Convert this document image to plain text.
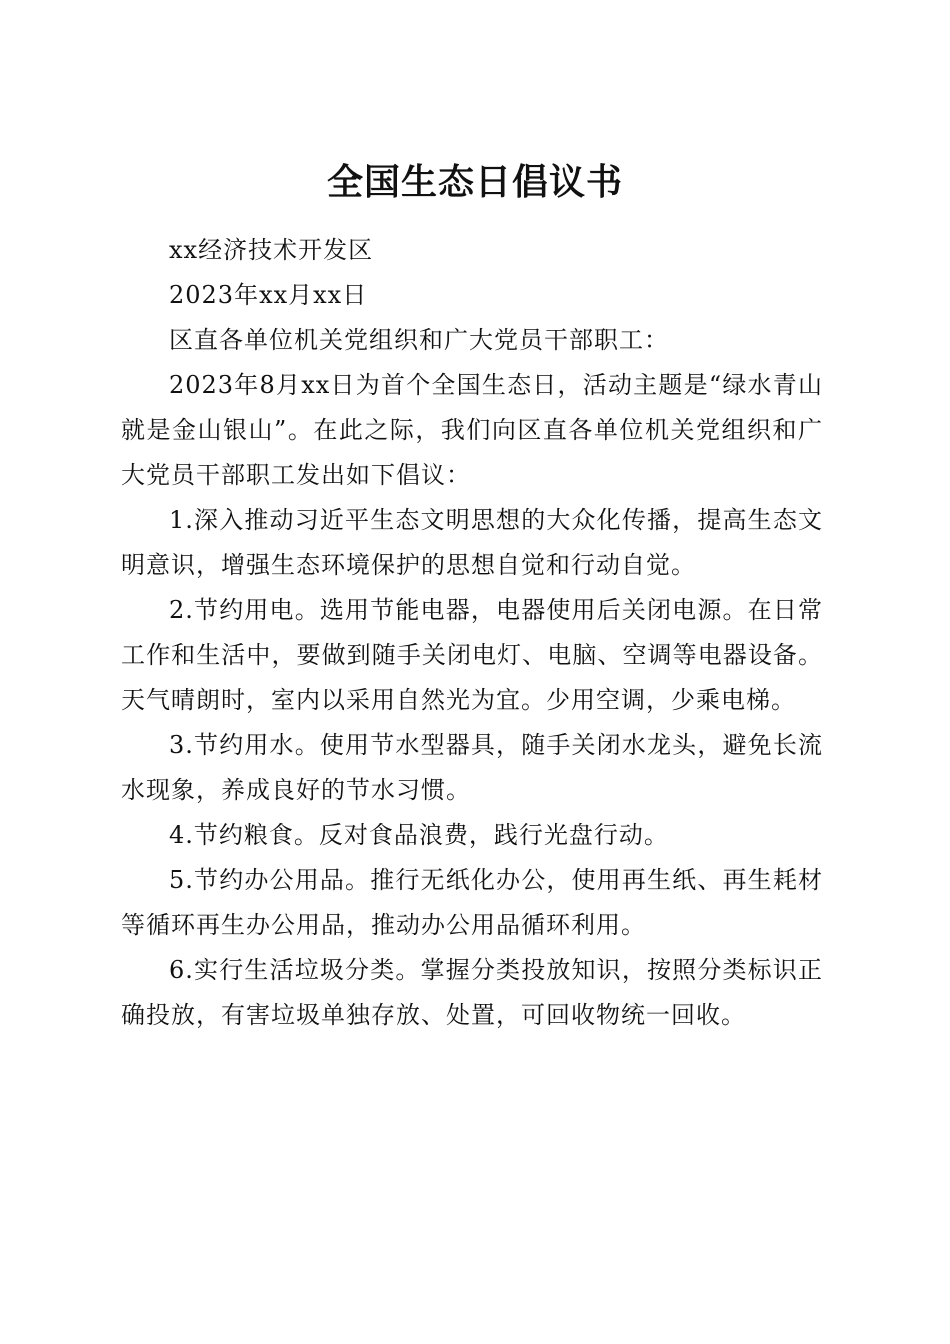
全国生态日倡议书

xx经济技术开发区

2023年xx月xx日

区直各单位机关党组织和广大党员干部职工：

2023年8月xx日为首个全国生态日，活动主题是“绿水青山就是金山银山”。在此之际，我们向区直各单位机关党组织和广大党员干部职工发出如下倡议：

1.深入推动习近平生态文明思想的大众化传播，提高生态文明意识，增强生态环境保护的思想自觉和行动自觉。

2.节约用电。选用节能电器，电器使用后关闭电源。在日常工作和生活中，要做到随手关闭电灯、电脑、空调等电器设备。天气晴朗时，室内以采用自然光为宜。少用空调，少乘电梯。

3.节约用水。使用节水型器具，随手关闭水龙头，避免长流水现象，养成良好的节水习惯。

4.节约粮食。反对食品浪费，践行光盘行动。

5.节约办公用品。推行无纸化办公，使用再生纸、再生耗材等循环再生办公用品，推动办公用品循环利用。

6.实行生活垃圾分类。掌握分类投放知识，按照分类标识正确投放，有害垃圾单独存放、处置，可回收物统一回收。
